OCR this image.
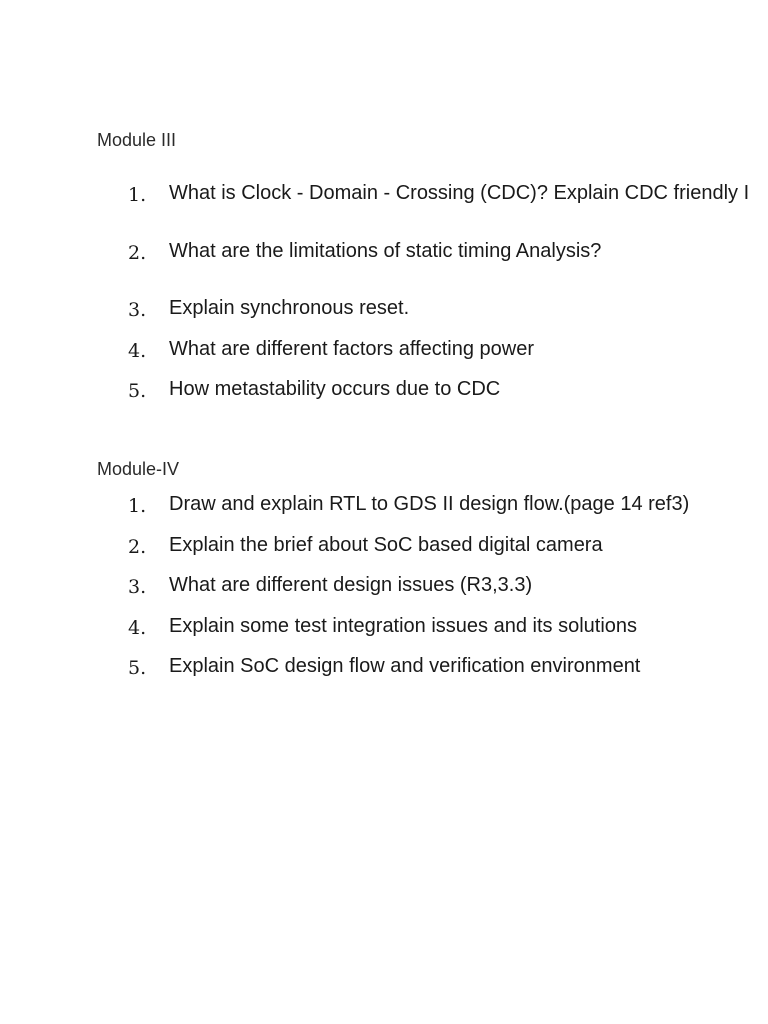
Module III
1. What is Clock - Domain - Crossing (CDC)? Explain CDC friendly I
2. What are the limitations of static timing Analysis?
3. Explain synchronous reset.
4. What are different factors affecting power
5. How metastability occurs due to CDC
Module-IV
1. Draw and explain RTL to GDS II design flow.(page 14 ref3)
2. Explain the brief about SoC based digital camera
3. What are different design issues (R3,3.3)
4. Explain some test integration issues and its solutions
5. Explain SoC design flow and verification environment
